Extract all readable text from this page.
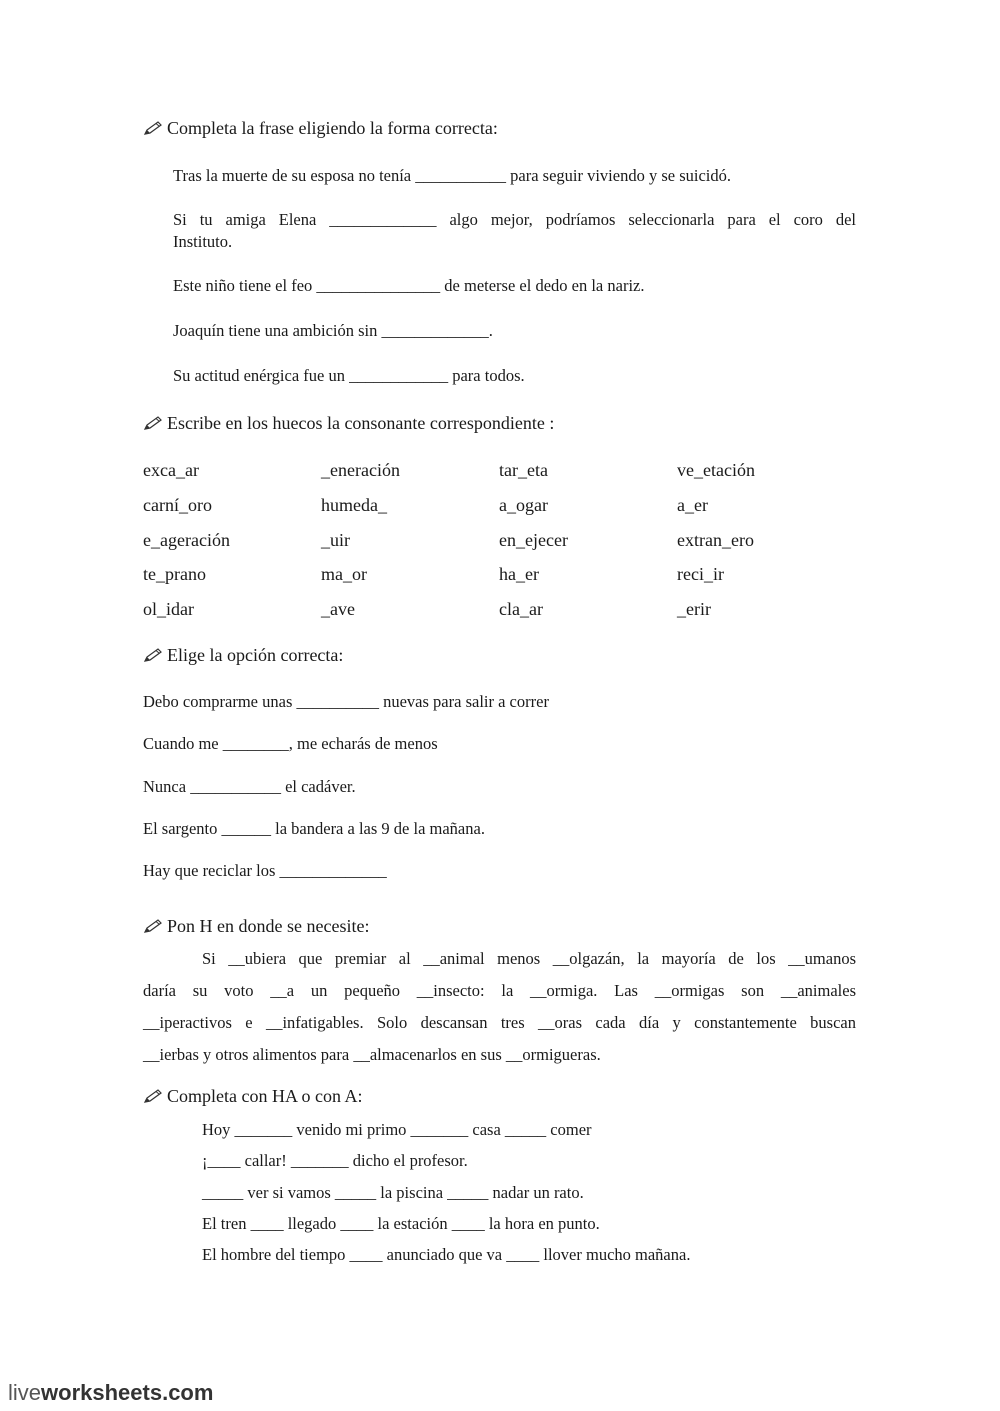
Completa la frase eligiendo la forma correcta:
Tras la muerte de su esposa no tenía ___________ para seguir viviendo y se suicidó.
Si tu amiga Elena _____________ algo mejor, podríamos seleccionarla para el coro del
Instituto.
Este niño tiene el feo _______________ de meterse el dedo en la nariz.
Joaquín tiene una ambición sin _____________.
Su actitud enérgica fue un ____________ para todos.
Escribe en los huecos la consonante correspondiente :
exca_ar	_eneración	tar_eta	ve_etación
carní_oro	humeda_	a_ogar	a_er
e_ageración	_uir	en_ejecer	extran_ero
te_prano	ma_or	ha_er	reci_ir
ol_idar	_ave	cla_ar	_erir
Elige la opción correcta:
Debo comprarme unas __________ nuevas para salir a correr
Cuando me ________, me echarás de menos
Nunca ___________ el cadáver.
El sargento ______ la bandera a las 9 de la mañana.
Hay que reciclar los _____________
Pon H en donde se necesite:
Si __ubiera que premiar al __animal menos __olgazán, la mayoría de los __umanos
daría su voto __a un pequeño __insecto: la __ormiga. Las __ormigas son __animales
__iperactivos e __infatigables. Solo descansan tres __oras cada día y constantemente buscan
__ierbas y otros alimentos para __almacenarlos en sus __ormigueras.
Completa con HA o con A:
Hoy _______ venido mi primo _______ casa _____ comer
¡____ callar! _______ dicho el profesor.
_____ ver si vamos _____ la piscina _____ nadar un rato.
El tren ____ llegado ____ la estación ____ la hora en punto.
El hombre del tiempo ____ anunciado que va ____ llover mucho mañana.
liveworksheets.com
